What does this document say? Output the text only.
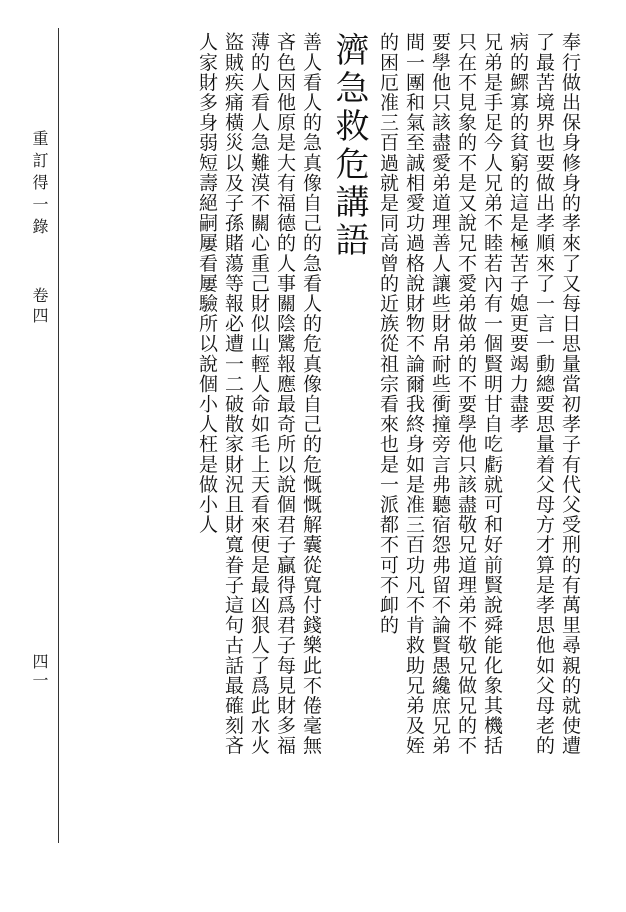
奉行做出保身修身的孝來了又每日思量當初孝子有代父受刑的有萬里尋親的就使遭
了最苦境界也要做出孝順來了一言一動總要思量着父母方才算是孝思他如父母老的
病的鰥寡的貧窮的這是極苦子媳更要竭力盡孝
兄弟是手足今人兄弟不睦若內有一個賢明甘自吃虧就可和好前賢說舜能化象其機括
只在不見象的不是又說兄不愛弟做弟的不要學他只該盡敬兄道理弟不敬兄做兄的不
要學他只該盡愛弟道理善人讓些財帛耐些衝撞旁言弗聽宿怨弗留不論賢愚纔庶兄弟
間一團和氣至誠相愛功過格說財物不論爾我終身如是准三百功凡不肯救助兄弟及姪
的困厄准三百過就是同高曾的近族從祖宗看來也是一派都不可不卹的
濟急救危講語
善人看人的急真像自己的急看人的危真像自己的危慨慨解囊從寬付錢樂此不倦毫無
吝色因他原是大有福德的人事關陰騭報應最奇所以說個君子贏得爲君子每見財多福
薄的人看人急難漠不關心重己財似山輕人命如毛上天看來便是最凶狠人了爲此水火
盜賊疾痛橫災以及子孫賭蕩等報必遭一二破散家財況且財寬眷子這句古話最確刻吝
人家財多身弱短壽絕嗣屢看屢驗所以說個小人枉是做小人
重訂得一錄
卷四
四一
